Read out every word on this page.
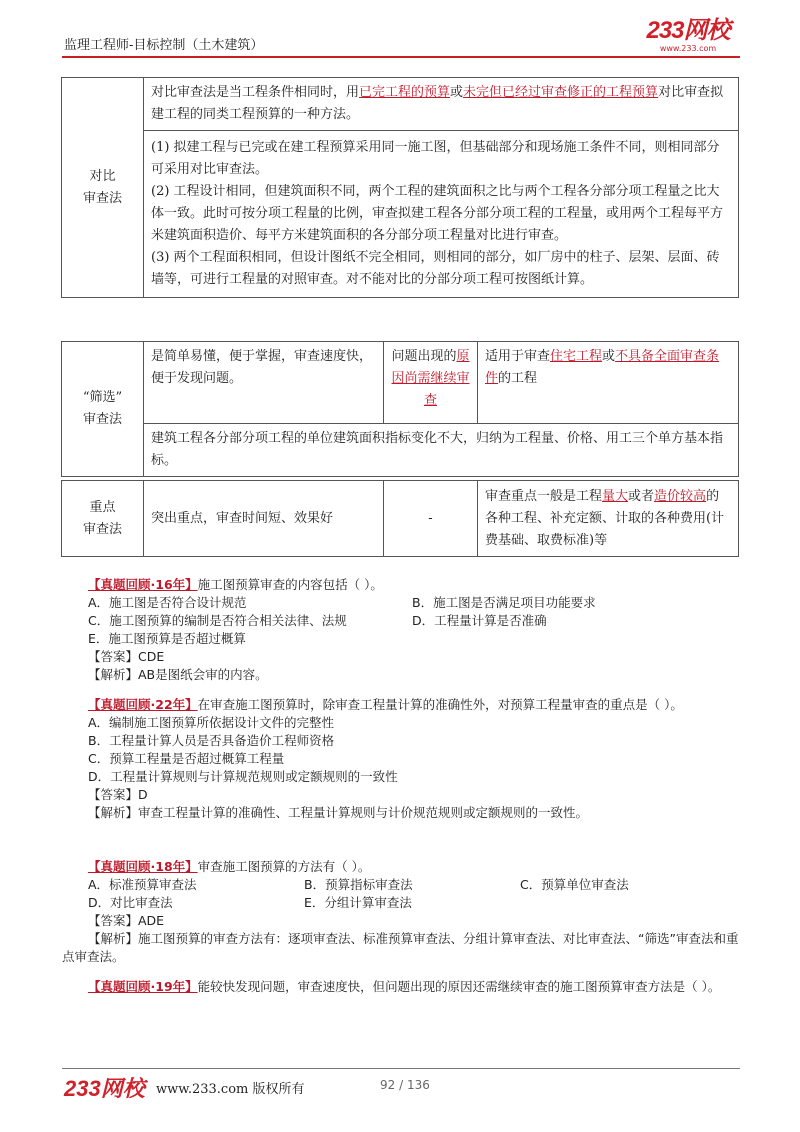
监理工程师-目标控制（土木建筑）
233网校
www.233.com
对比
审查法	对比审查法是当工程条件相同时，用已完工程的预算或未完但已经过审查修正的工程预算对比审查拟建工程的同类工程预算的一种方法。

(1) 拟建工程与已完或在建工程预算采用同一施工图，但基础部分和现场施工条件不同，则相同部分可采用对比审查法。
(2) 工程设计相同，但建筑面积不同，两个工程的建筑面积之比与两个工程各分部分项工程量之比大体一致。此时可按分项工程量的比例，审查拟建工程各分部分项工程的工程量，或用两个工程每平方米建筑面积造价、每平方米建筑面积的各分部分项工程量对比进行审查。
(3) 两个工程面积相同，但设计图纸不完全相同，则相同的部分，如厂房中的柱子、层架、层面、砖墙等，可进行工程量的对照审查。对不能对比的分部分项工程可按图纸计算。
“筛选”
审查法	是简单易懂，便于掌握，审查速度快，便于发现问题。	问题出现的原因尚需继续审查	适用于审查住宅工程或不具备全面审查条件的工程
建筑工程各分部分项工程的单位建筑面积指标变化不大，归纳为工程量、价格、用工三个单方基本指标。
重点
审查法	突出重点，审查时间短、效果好	-	审查重点一般是工程量大或者造价较高的各种工程、补充定额、计取的各种费用(计费基础、取费标准)等
【真题回顾·16年】施工图预算审查的内容包括（ ）。
A．施工图是否符合设计规范	B．施工图是否满足项目功能要求
C．施工图预算的编制是否符合相关法律、法规	D．工程量计算是否准确
E．施工图预算是否超过概算
【答案】CDE
【解析】AB是图纸会审的内容。
【真题回顾·22年】在审查施工图预算时，除审查工程量计算的准确性外，对预算工程量审查的重点是（ ）。
A．编制施工图预算所依据设计文件的完整性
B．工程量计算人员是否具备造价工程师资格
C．预算工程量是否超过概算工程量
D．工程量计算规则与计算规范规则或定额规则的一致性
【答案】D
【解析】审查工程量计算的准确性、工程量计算规则与计价规范规则或定额规则的一致性。
【真题回顾·18年】审查施工图预算的方法有（ ）。
A．标准预算审查法	B．预算指标审查法	C．预算单位审查法
D．对比审查法	E．分组计算审查法
【答案】ADE
【解析】施工图预算的审查方法有：逐项审查法、标准预算审查法、分组计算审查法、对比审查法、“筛选”审查法和重点审查法。
【真题回顾·19年】能较快发现问题，审查速度快，但问题出现的原因还需继续审查的施工图预算审查方法是（ ）。
233网校 www.233.com 版权所有	92 / 136
